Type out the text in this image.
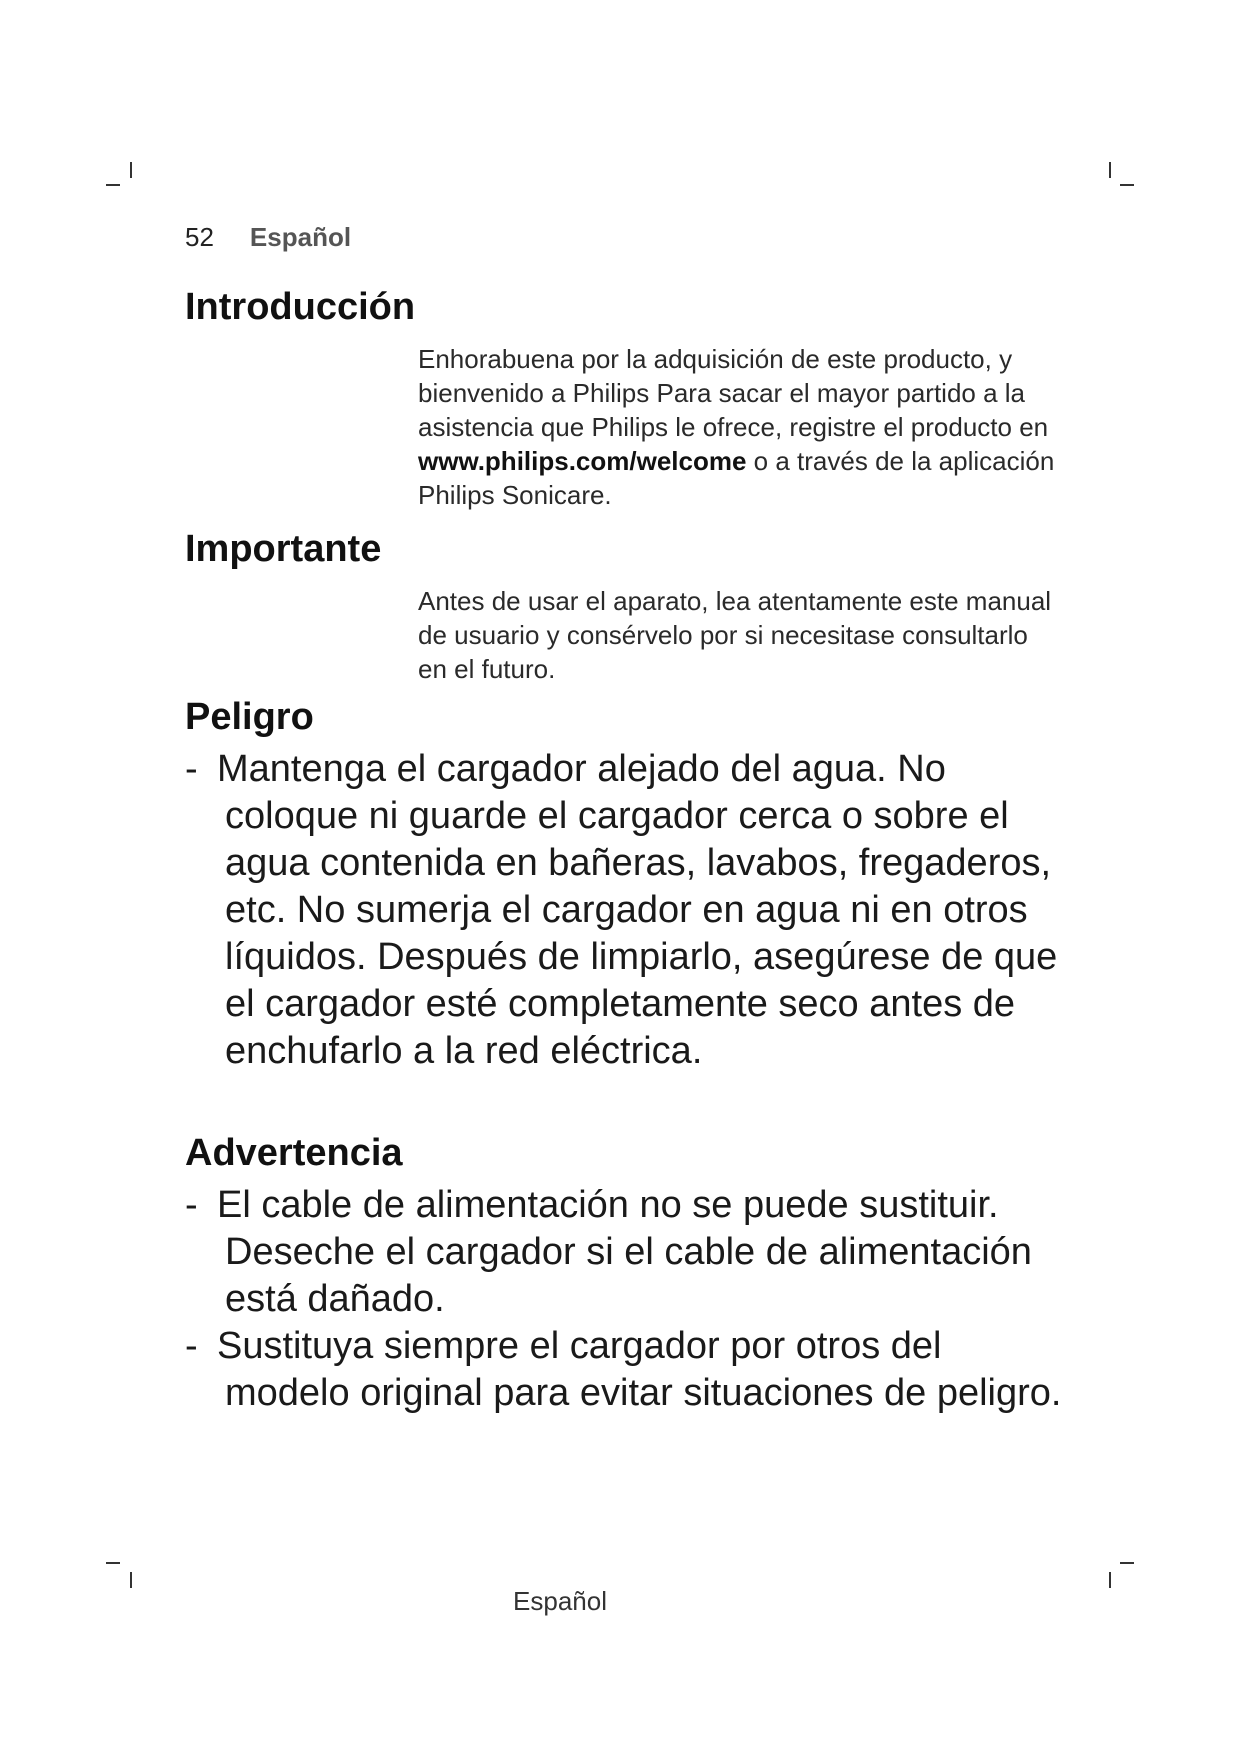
52 Español
Introducción
Enhorabuena por la adquisición de este producto, y bienvenido a Philips Para sacar el mayor partido a la asistencia que Philips le ofrece, registre el producto en www.philips.com/welcome o a través de la aplicación Philips Sonicare.
Importante
Antes de usar el aparato, lea atentamente este manual de usuario y consérvelo por si necesitase consultarlo en el futuro.
Peligro
- Mantenga el cargador alejado del agua. No coloque ni guarde el cargador cerca o sobre el agua contenida en bañeras, lavabos, fregaderos, etc. No sumerja el cargador en agua ni en otros líquidos. Después de limpiarlo, asegúrese de que el cargador esté completamente seco antes de enchufarlo a la red eléctrica.
Advertencia
- El cable de alimentación no se puede sustituir. Deseche el cargador si el cable de alimentación está dañado.
- Sustituya siempre el cargador por otros del modelo original para evitar situaciones de peligro.
Español
